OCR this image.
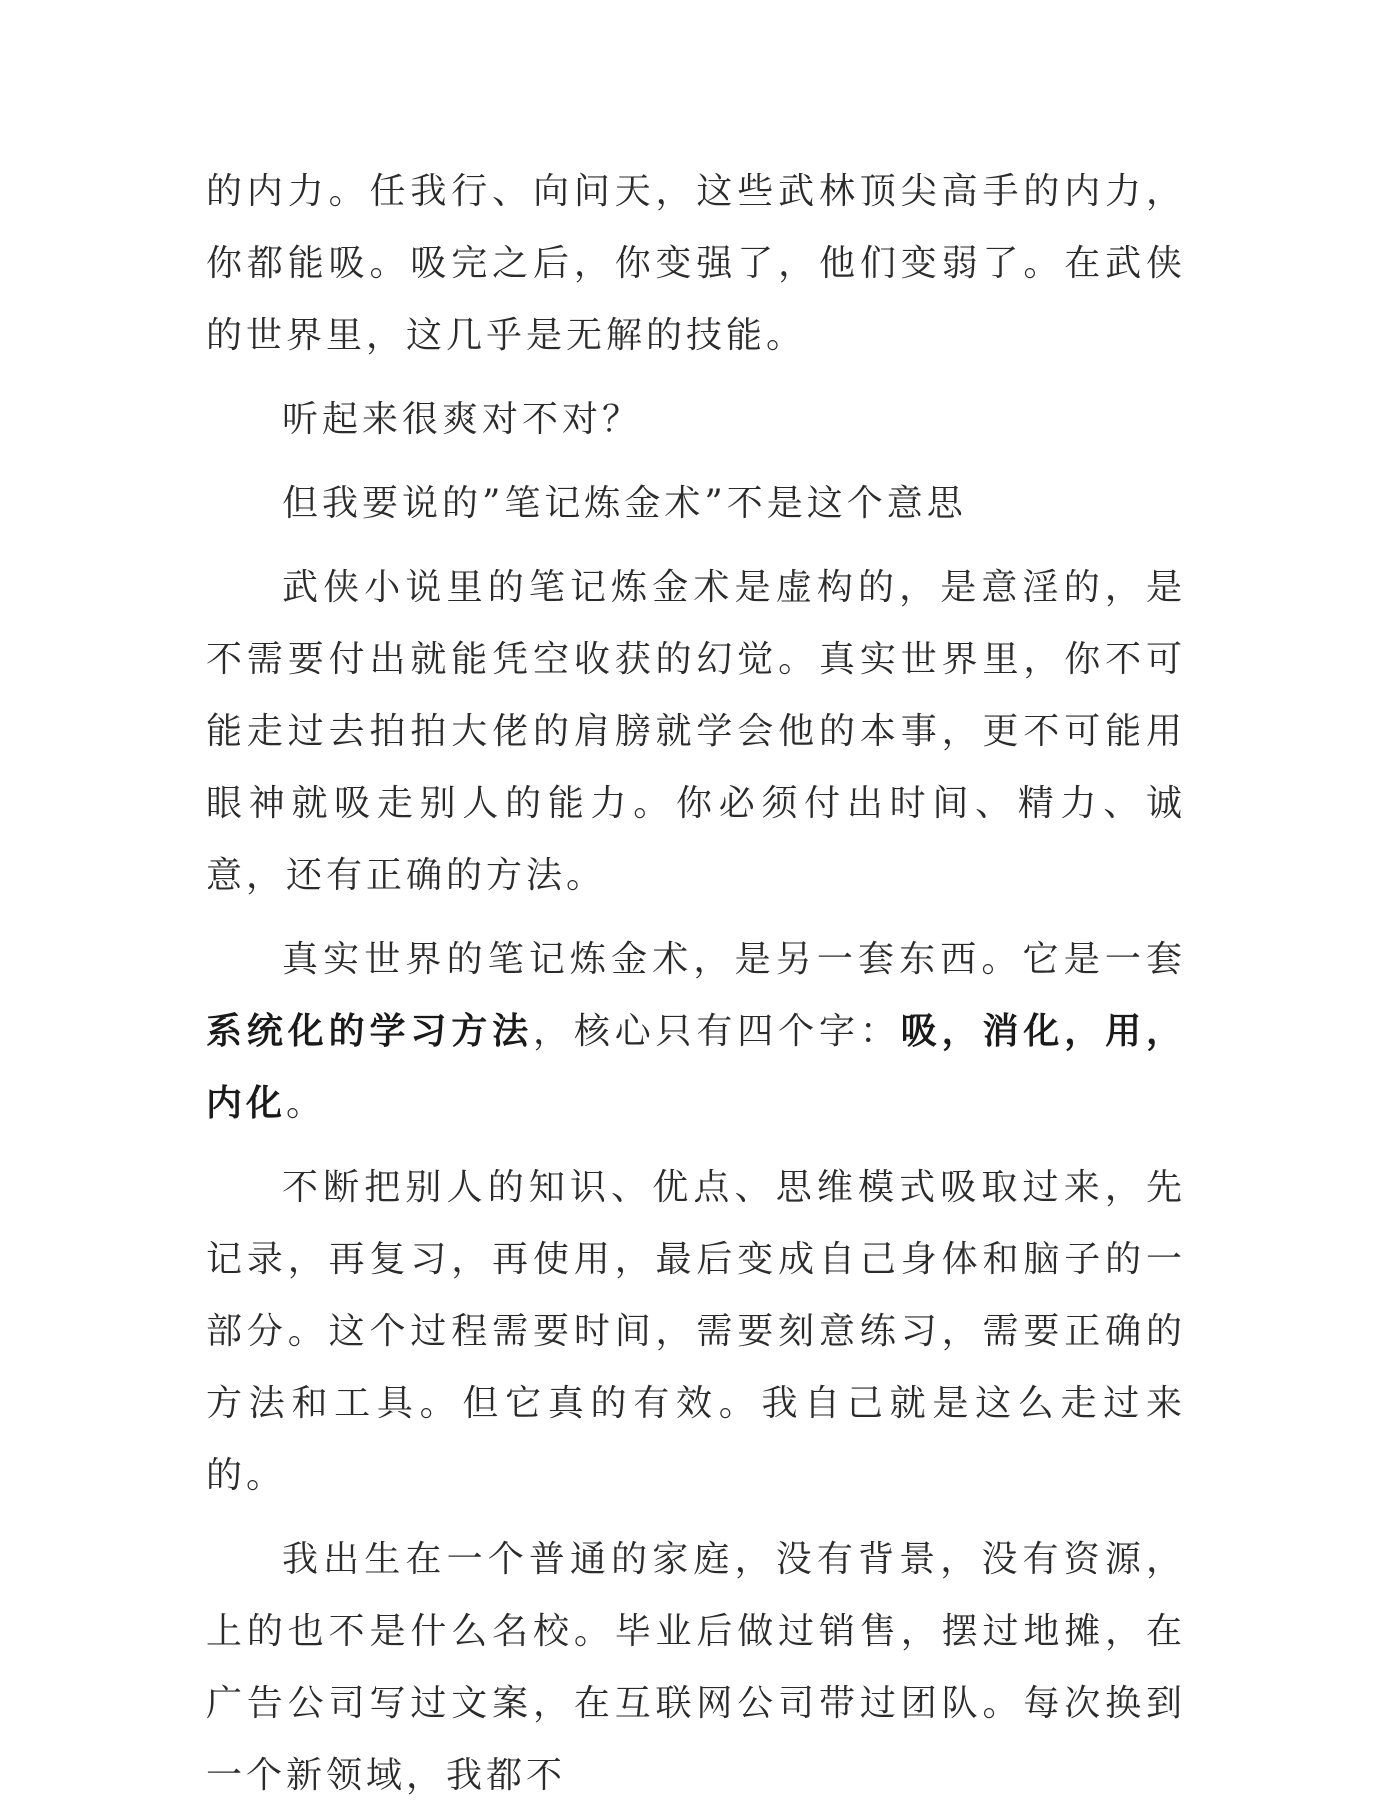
的内力。任我行、向问天，这些武林顶尖高手的内力，你都能吸。吸完之后，你变强了，他们变弱了。在武侠的世界里，这几乎是无解的技能。

听起来很爽对不对？

但我要说的”笔记炼金术”不是这个意思

武侠小说里的笔记炼金术是虚构的，是意淫的，是不需要付出就能凭空收获的幻觉。真实世界里，你不可能走过去拍拍大佬的肩膀就学会他的本事，更不可能用眼神就吸走别人的能力。你必须付出时间、精力、诚意，还有正确的方法。

真实世界的笔记炼金术，是另一套东西。它是一套系统化的学习方法，核心只有四个字：吸，消化，用，内化。

不断把别人的知识、优点、思维模式吸取过来，先记录，再复习，再使用，最后变成自己身体和脑子的一部分。这个过程需要时间，需要刻意练习，需要正确的方法和工具。但它真的有效。我自己就是这么走过来的。

我出生在一个普通的家庭，没有背景，没有资源，上的也不是什么名校。毕业后做过销售，摆过地摊，在广告公司写过文案，在互联网公司带过团队。每次换到一个新领域，我都不
